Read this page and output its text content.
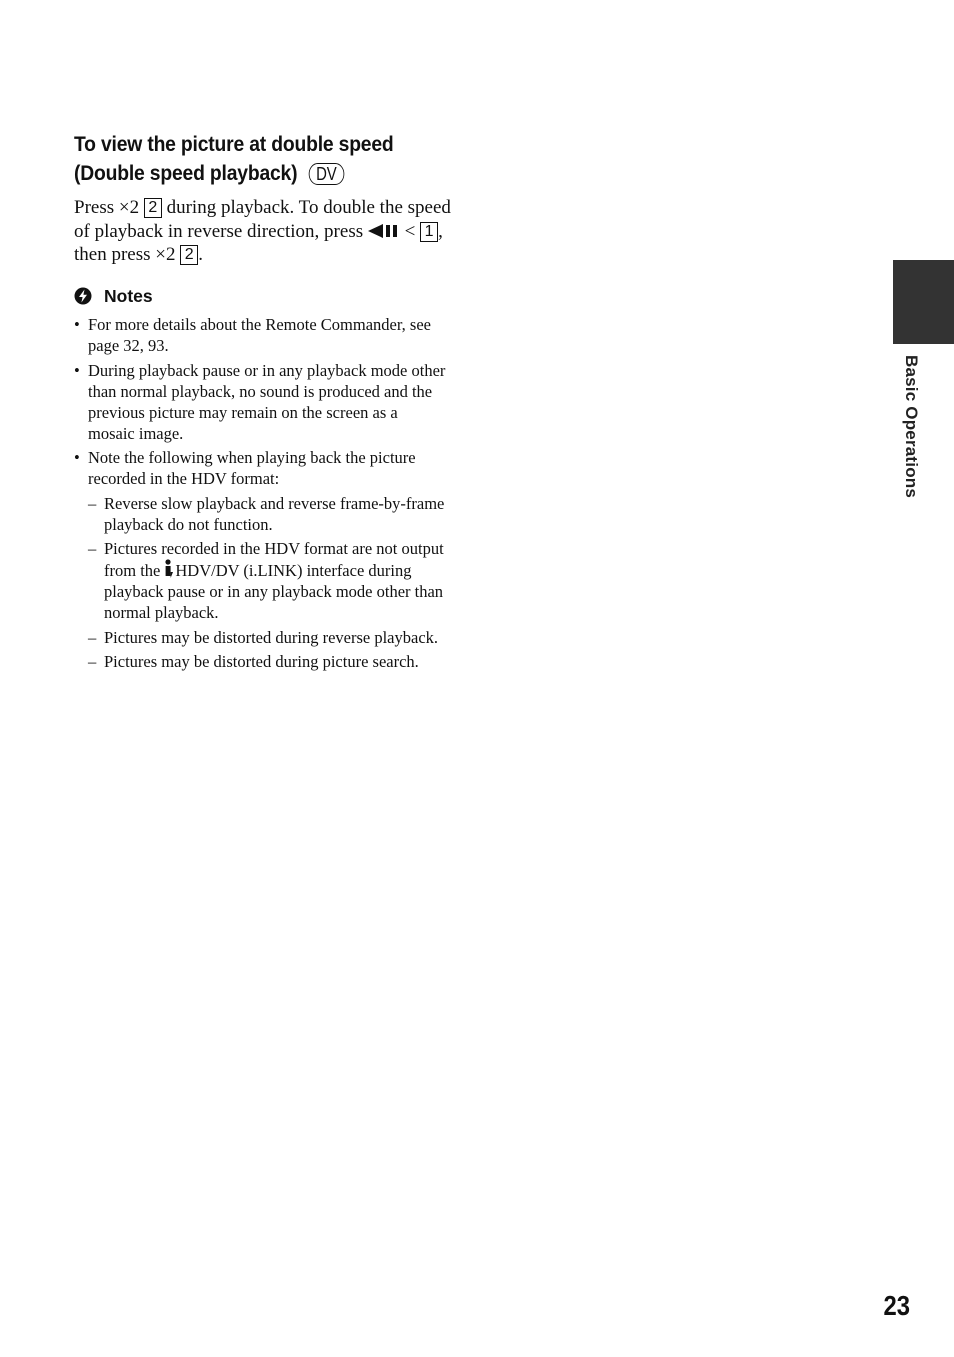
To view the picture at double speed
(Double speed playback) DV
Press ×2 2 during playback. To double the speed of playback in reverse direction, press  < 1 , then press ×2 2 .
Notes
• For more details about the Remote Commander, see page 32, 93.
• During playback pause or in any playback mode other than normal playback, no sound is produced and the previous picture may remain on the screen as a mosaic image.
• Note the following when playing back the picture recorded in the HDV format:
– Reverse slow playback and reverse frame-by-frame playback do not function.
– Pictures recorded in the HDV format are not output from the HDV/DV (i.LINK) interface during playback pause or in any playback mode other than normal playback.
– Pictures may be distorted during reverse playback.
– Pictures may be distorted during picture search.
Basic Operations
23
